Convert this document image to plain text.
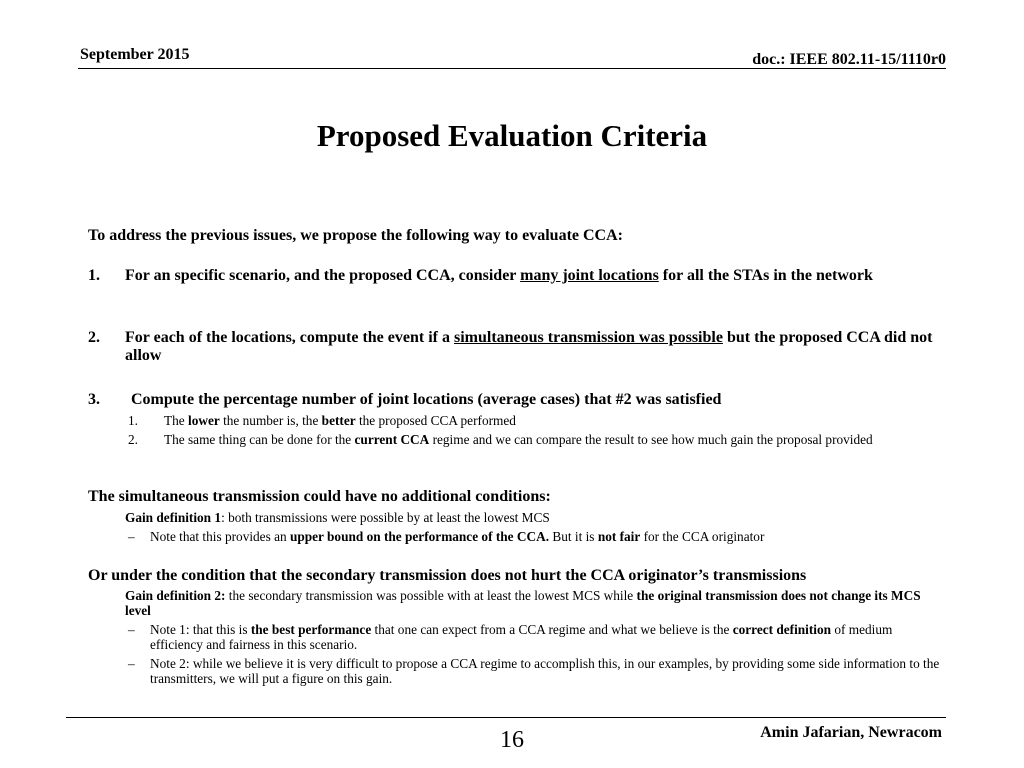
September 2015	doc.: IEEE 802.11-15/1110r0
Proposed Evaluation Criteria
To address the previous issues, we propose the following way to evaluate CCA:
1. For an specific scenario, and the proposed CCA, consider many joint locations for all the STAs in the network
2. For each of the locations, compute the event if a simultaneous transmission was possible but the proposed CCA did not allow
3. Compute the percentage number of joint locations (average cases) that #2 was satisfied
1. The lower the number is, the better the proposed CCA performed
2. The same thing can be done for the current CCA regime and we can compare the result to see how much gain the proposal provided
The simultaneous transmission could have no additional conditions:
Gain definition 1: both transmissions were possible by at least the lowest MCS
– Note that this provides an upper bound on the performance of the CCA. But it is not fair for the CCA originator
Or under the condition that the secondary transmission does not hurt the CCA originator’s transmissions
Gain definition 2: the secondary transmission was possible with at least the lowest MCS while the original transmission does not change its MCS level
– Note 1: that this is the best performance that one can expect from a CCA regime and what we believe is the correct definition of medium efficiency and fairness in this scenario.
– Note 2: while we believe it is very difficult to propose a CCA regime to accomplish this, in our examples, by providing some side information to the transmitters, we will put a figure on this gain.
16	Amin Jafarian, Newracom
